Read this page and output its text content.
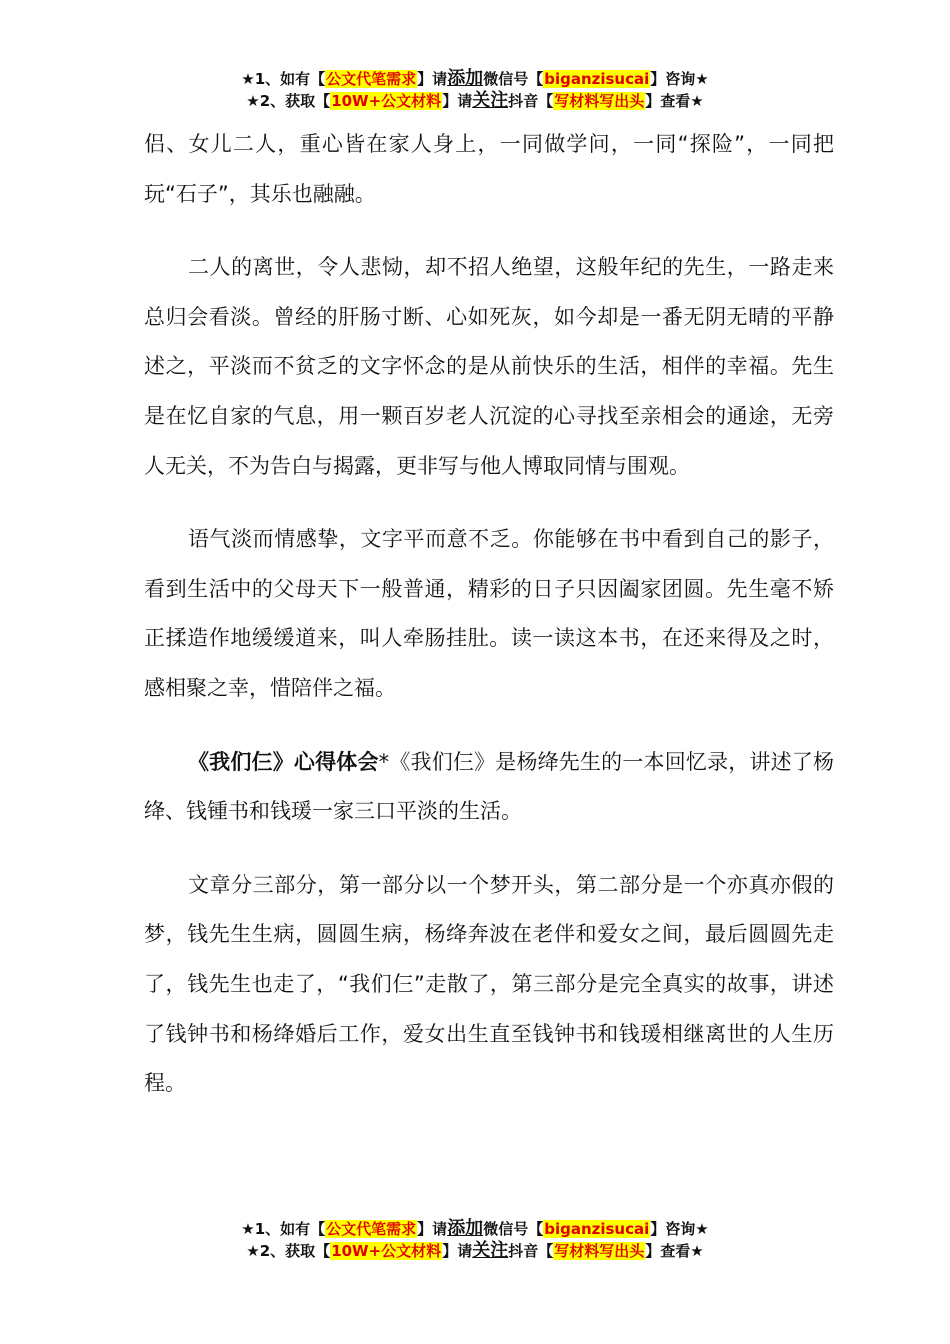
★1、如有【公文代笔需求】请添加微信号【biganzisucai】咨询★
★2、获取【10W+公文材料】请关注抖音【写材料写出头】查看★

侣、女儿二人，重心皆在家人身上，一同做学问，一同“探险”，一同把玩“石子”，其乐也融融。

二人的离世，令人悲恸，却不招人绝望，这般年纪的先生，一路走来总归会看淡。曾经的肝肠寸断、心如死灰，如今却是一番无阴无晴的平静述之，平淡而不贫乏的文字怀念的是从前快乐的生活，相伴的幸福。先生是在忆自家的气息，用一颗百岁老人沉淀的心寻找至亲相会的通途，无旁人无关，不为告白与揭露，更非写与他人博取同情与围观。

语气淡而情感挚，文字平而意不乏。你能够在书中看到自己的影子，看到生活中的父母天下一般普通，精彩的日子只因阖家团圆。先生毫不矫正揉造作地缓缓道来，叫人牵肠挂肚。读一读这本书，在还来得及之时，感相聚之幸，惜陪伴之福。

《我们仨》心得体会*《我们仨》是杨绛先生的一本回忆录，讲述了杨绛、钱锺书和钱瑗一家三口平淡的生活。

文章分三部分，第一部分以一个梦开头，第二部分是一个亦真亦假的梦，钱先生生病，圆圆生病，杨绛奔波在老伴和爱女之间，最后圆圆先走了，钱先生也走了，“我们仨”走散了，第三部分是完全真实的故事，讲述了钱钟书和杨绛婚后工作，爱女出生直至钱钟书和钱瑗相继离世的人生历程。

★1、如有【公文代笔需求】请添加微信号【biganzisucai】咨询★
★2、获取【10W+公文材料】请关注抖音【写材料写出头】查看★
